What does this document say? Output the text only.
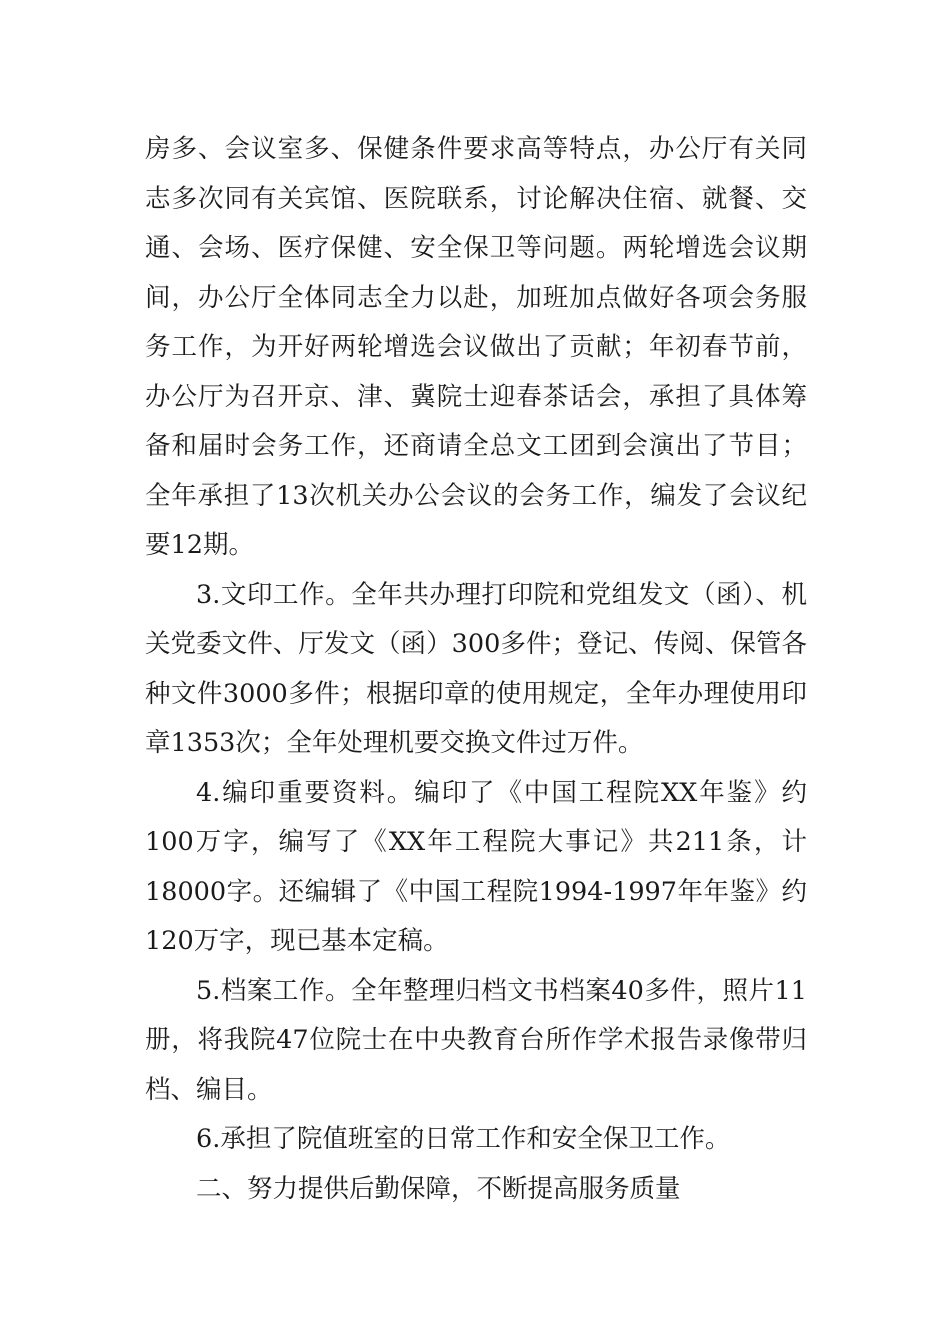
房多、会议室多、保健条件要求高等特点，办公厅有关同志多次同有关宾馆、医院联系，讨论解决住宿、就餐、交通、会场、医疗保健、安全保卫等问题。两轮增选会议期间，办公厅全体同志全力以赴，加班加点做好各项会务服务工作，为开好两轮增选会议做出了贡献；年初春节前，办公厅为召开京、津、冀院士迎春茶话会，承担了具体筹备和届时会务工作，还商请全总文工团到会演出了节目；全年承担了13次机关办公会议的会务工作，编发了会议纪要12期。

3.文印工作。全年共办理打印院和党组发文（函）、机关党委文件、厅发文（函）300多件；登记、传阅、保管各种文件3000多件；根据印章的使用规定，全年办理使用印章1353次；全年处理机要交换文件过万件。

4.编印重要资料。编印了《中国工程院XX年鉴》约100万字，编写了《XX年工程院大事记》共211条，计18000字。还编辑了《中国工程院1994-1997年年鉴》约120万字，现已基本定稿。

5.档案工作。全年整理归档文书档案40多件，照片11册，将我院47位院士在中央教育台所作学术报告录像带归档、编目。

6.承担了院值班室的日常工作和安全保卫工作。

二、努力提供后勤保障，不断提高服务质量
